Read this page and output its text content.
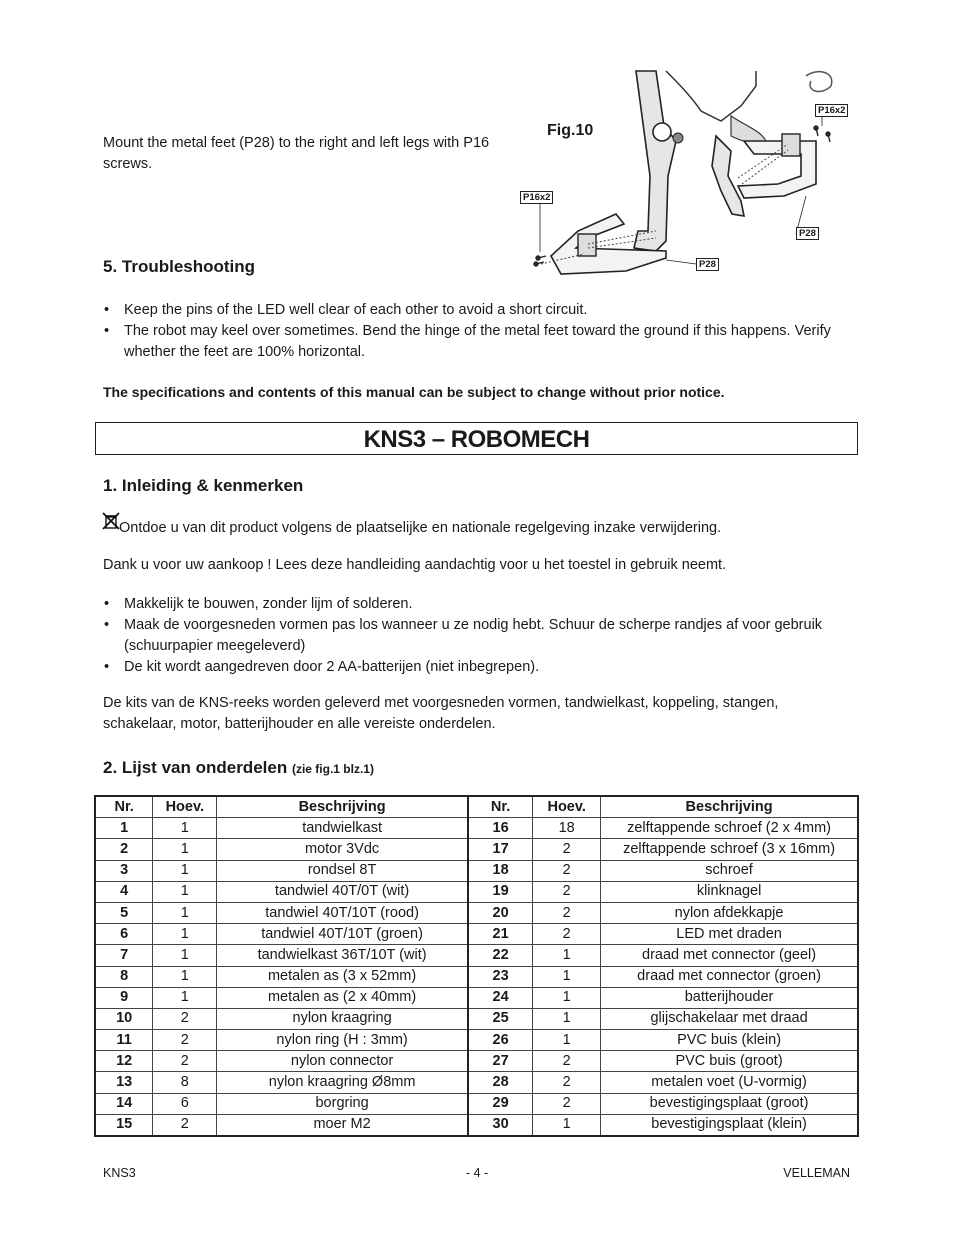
Mount the metal feet (P28) to the right and left legs with P16 screws.
Fig.10
P16x2
P16x2
P28
P28
5. Troubleshooting
• Keep the pins of the LED well clear of each other to avoid a short circuit.
• The robot may keel over sometimes. Bend the hinge of the metal feet toward the ground if this happens. Verify whether the feet are 100% horizontal.
The specifications and contents of this manual can be subject to change without prior notice.
KNS3 – ROBOMECH
1. Inleiding & kenmerken
Ontdoe u van dit product volgens de plaatselijke en nationale regelgeving inzake verwijdering.
Dank u voor uw aankoop ! Lees deze handleiding aandachtig voor u het toestel in gebruik neemt.
• Makkelijk te bouwen, zonder lijm of solderen.
• Maak de voorgesneden vormen pas los wanneer u ze nodig hebt. Schuur de scherpe randjes af voor gebruik (schuurpapier meegeleverd)
• De kit wordt aangedreven door 2 AA-batterijen (niet inbegrepen).
De kits van de KNS-reeks worden geleverd met voorgesneden vormen, tandwielkast, koppeling, stangen, schakelaar, motor, batterijhouder en alle vereiste onderdelen.
2. Lijst van onderdelen (zie fig.1 blz.1)
Nr.	Hoev.	Beschrijving	Nr.	Hoev.	Beschrijving
1	1	tandwielkast	16	18	zelftappende schroef (2 x 4mm)
2	1	motor 3Vdc	17	2	zelftappende schroef (3 x 16mm)
3	1	rondsel 8T	18	2	schroef
4	1	tandwiel 40T/0T (wit)	19	2	klinknagel
5	1	tandwiel 40T/10T (rood)	20	2	nylon afdekkapje
6	1	tandwiel 40T/10T (groen)	21	2	LED met draden
7	1	tandwielkast 36T/10T (wit)	22	1	draad met connector (geel)
8	1	metalen as (3 x 52mm)	23	1	draad met connector (groen)
9	1	metalen as (2 x 40mm)	24	1	batterijhouder
10	2	nylon kraagring	25	1	glijschakelaar met draad
11	2	nylon ring (H : 3mm)	26	1	PVC buis (klein)
12	2	nylon connector	27	2	PVC buis (groot)
13	8	nylon kraagring Ø8mm	28	2	metalen voet (U-vormig)
14	6	borgring	29	2	bevestigingsplaat (groot)
15	2	moer M2	30	1	bevestigingsplaat (klein)
KNS3	- 4 -	VELLEMAN
